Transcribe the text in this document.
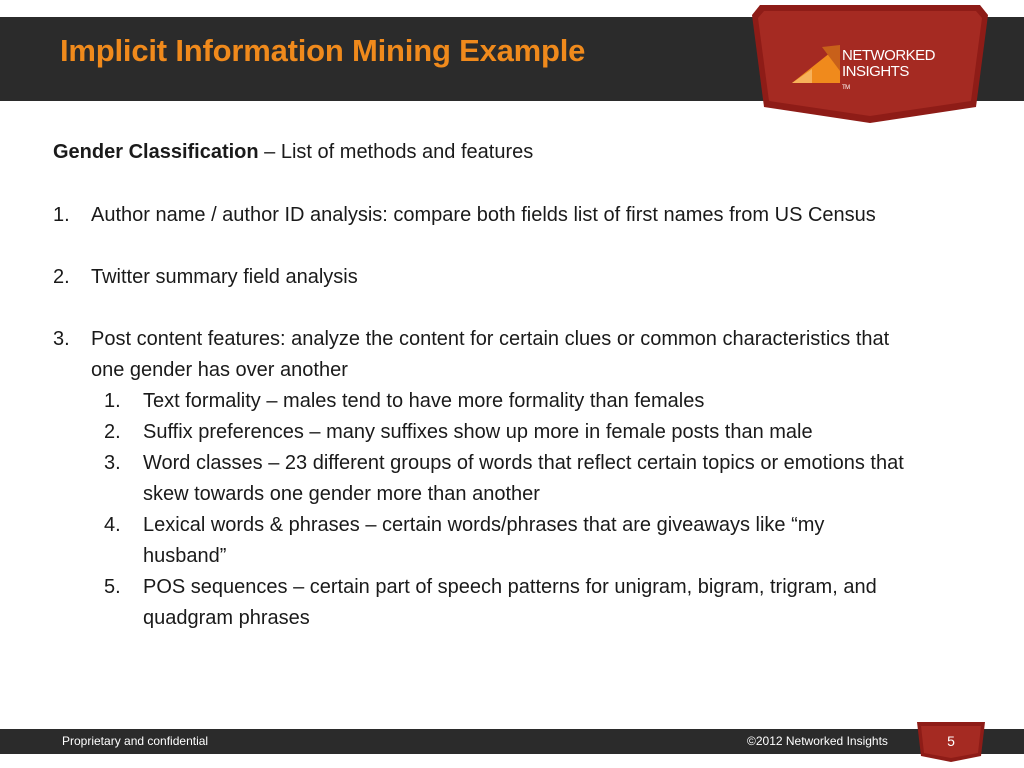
Implicit Information Mining Example	NETWORKED
INSIGHTS
TM
Gender Classification – List of methods and features
1. Author name / author ID analysis: compare both fields list of first names from US Census
2. Twitter summary field analysis
3. Post content features: analyze the content for certain clues or common characteristics that one gender has over another
1. Text formality – males tend to have more formality than females
2. Suffix preferences – many suffixes show up more in female posts than male
3. Word classes – 23 different groups of words that reflect certain topics or emotions that skew towards one gender more than another
4. Lexical words & phrases – certain words/phrases that are giveaways like “my husband”
5. POS sequences – certain part of speech patterns for unigram, bigram, trigram, and quadgram phrases
Proprietary and confidential	©2012 Networked Insights	5
